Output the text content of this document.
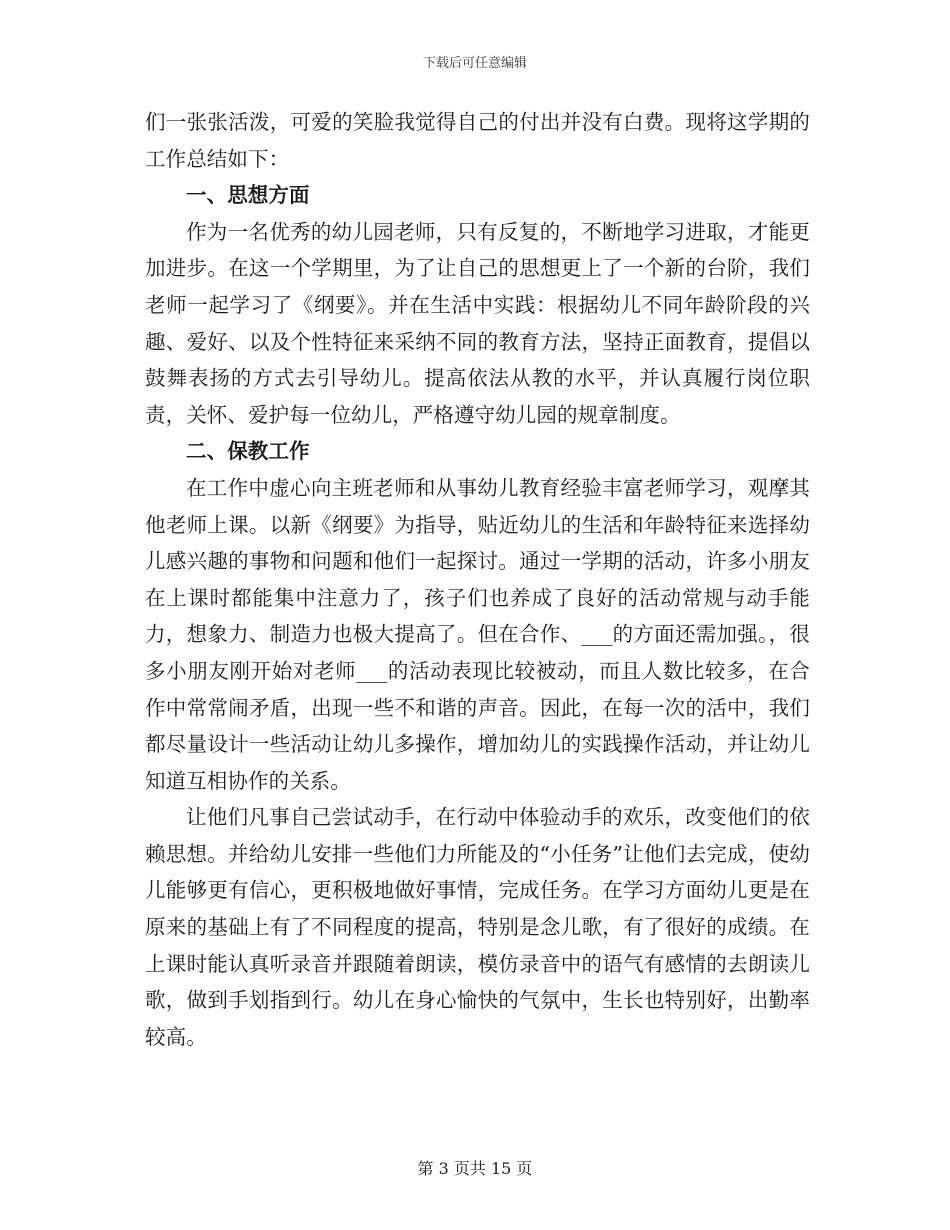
下载后可任意编辑

们一张张活泼，可爱的笑脸我觉得自己的付出并没有白费。现将这学期的工作总结如下：

一、思想方面

作为一名优秀的幼儿园老师，只有反复的，不断地学习进取，才能更加进步。在这一个学期里，为了让自己的思想更上了一个新的台阶，我们老师一起学习了《纲要》。并在生活中实践：根据幼儿不同年龄阶段的兴趣、爱好、以及个性特征来采纳不同的教育方法，坚持正面教育，提倡以鼓舞表扬的方式去引导幼儿。提高依法从教的水平，并认真履行岗位职责，关怀、爱护每一位幼儿，严格遵守幼儿园的规章制度。

二、保教工作

在工作中虚心向主班老师和从事幼儿教育经验丰富老师学习，观摩其他老师上课。以新《纲要》为指导，贴近幼儿的生活和年龄特征来选择幼儿感兴趣的事物和问题和他们一起探讨。通过一学期的活动，许多小朋友在上课时都能集中注意力了，孩子们也养成了良好的活动常规与动手能力，想象力、制造力也极大提高了。但在合作、___的方面还需加强。，很多小朋友刚开始对老师___的活动表现比较被动，而且人数比较多，在合作中常常闹矛盾，出现一些不和谐的声音。因此，在每一次的活中，我们都尽量设计一些活动让幼儿多操作，增加幼儿的实践操作活动，并让幼儿知道互相协作的关系。

让他们凡事自己尝试动手，在行动中体验动手的欢乐，改变他们的依赖思想。并给幼儿安排一些他们力所能及的“小任务”让他们去完成，使幼儿能够更有信心，更积极地做好事情，完成任务。在学习方面幼儿更是在原来的基础上有了不同程度的提高，特别是念儿歌，有了很好的成绩。在上课时能认真听录音并跟随着朗读，模仿录音中的语气有感情的去朗读儿歌，做到手划指到行。幼儿在身心愉快的气氛中，生长也特别好，出勤率较高。

第 3 页共 15 页
